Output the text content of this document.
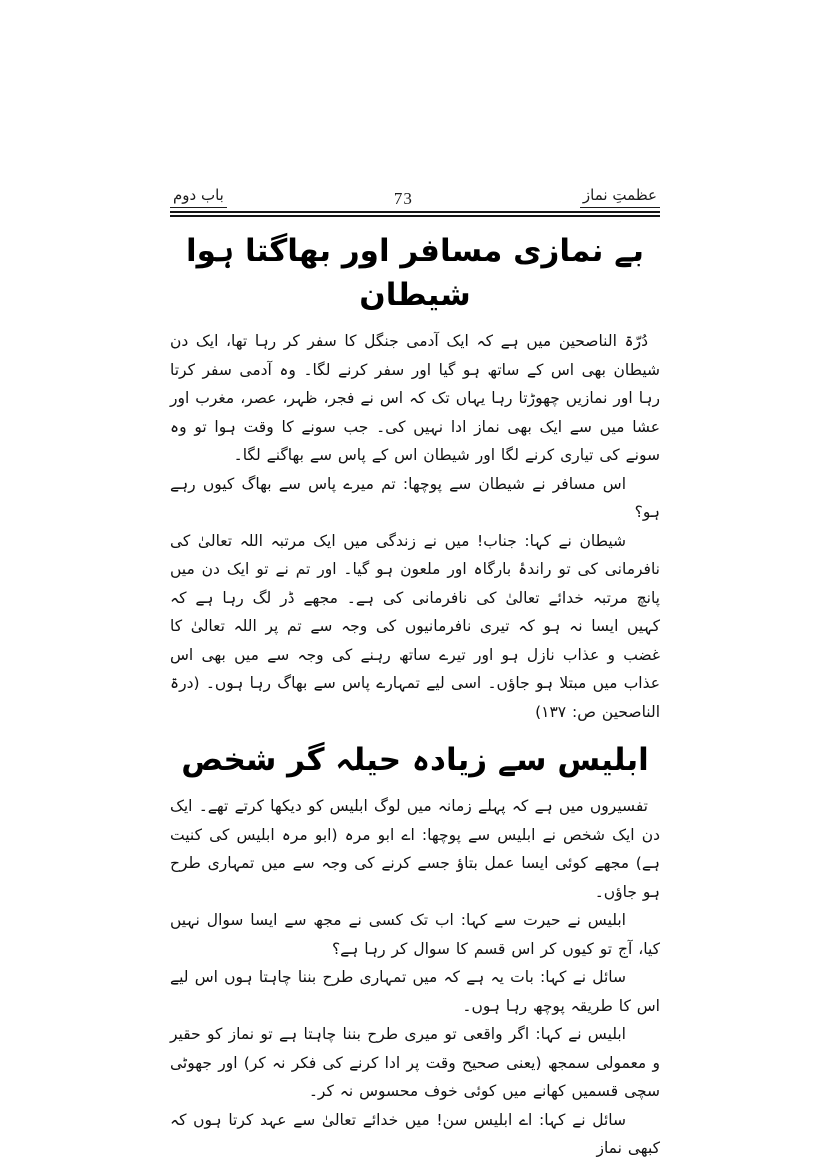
عظمتِ نماز
73
باب دوم
بے نمازی مسافر اور بھاگتا ہوا شیطان

دُرّۃ الناصحین میں ہے کہ ایک آدمی جنگل کا سفر کر رہا تھا، ایک دن شیطان بھی اس کے ساتھ ہو گیا اور سفر کرنے لگا۔ وہ آدمی سفر کرتا رہا اور نمازیں چھوڑتا رہا یہاں تک کہ اس نے فجر، ظہر، عصر، مغرب اور عشا میں سے ایک بھی نماز ادا نہیں کی۔ جب سونے کا وقت ہوا تو وہ سونے کی تیاری کرنے لگا اور شیطان اس کے پاس سے بھاگنے لگا۔

اس مسافر نے شیطان سے پوچھا: تم میرے پاس سے بھاگ کیوں رہے ہو؟

شیطان نے کہا: جناب! میں نے زندگی میں ایک مرتبہ اللہ تعالیٰ کی نافرمانی کی تو راندۂ بارگاہ اور ملعون ہو گیا۔ اور تم نے تو ایک دن میں پانچ مرتبہ خدائے تعالیٰ کی نافرمانی کی ہے۔ مجھے ڈر لگ رہا ہے کہ کہیں ایسا نہ ہو کہ تیری نافرمانیوں کی وجہ سے تم پر اللہ تعالیٰ کا غضب و عذاب نازل ہو اور تیرے ساتھ رہنے کی وجہ سے میں بھی اس عذاب میں مبتلا ہو جاؤں۔ اسی لیے تمہارے پاس سے بھاگ رہا ہوں۔ (درۃ الناصحین ص: ۱۳۷)

ابلیس سے زیادہ حیلہ گر شخص

تفسیروں میں ہے کہ پہلے زمانہ میں لوگ ابلیس کو دیکھا کرتے تھے۔ ایک دن ایک شخص نے ابلیس سے پوچھا: اے ابو مرہ (ابو مرہ ابلیس کی کنیت ہے) مجھے کوئی ایسا عمل بتاؤ جسے کرنے کی وجہ سے میں تمہاری طرح ہو جاؤں۔

ابلیس نے حیرت سے کہا: اب تک کسی نے مجھ سے ایسا سوال نہیں کیا، آج تو کیوں کر اس قسم کا سوال کر رہا ہے؟

سائل نے کہا: بات یہ ہے کہ میں تمہاری طرح بننا چاہتا ہوں اس لیے اس کا طریقہ پوچھ رہا ہوں۔

ابلیس نے کہا: اگر واقعی تو میری طرح بننا چاہتا ہے تو نماز کو حقیر و معمولی سمجھ (یعنی صحیح وقت پر ادا کرنے کی فکر نہ کر) اور جھوٹی سچی قسمیں کھانے میں کوئی خوف محسوس نہ کر۔

سائل نے کہا: اے ابلیس سن! میں خدائے تعالیٰ سے عہد کرتا ہوں کہ کبھی نماز
